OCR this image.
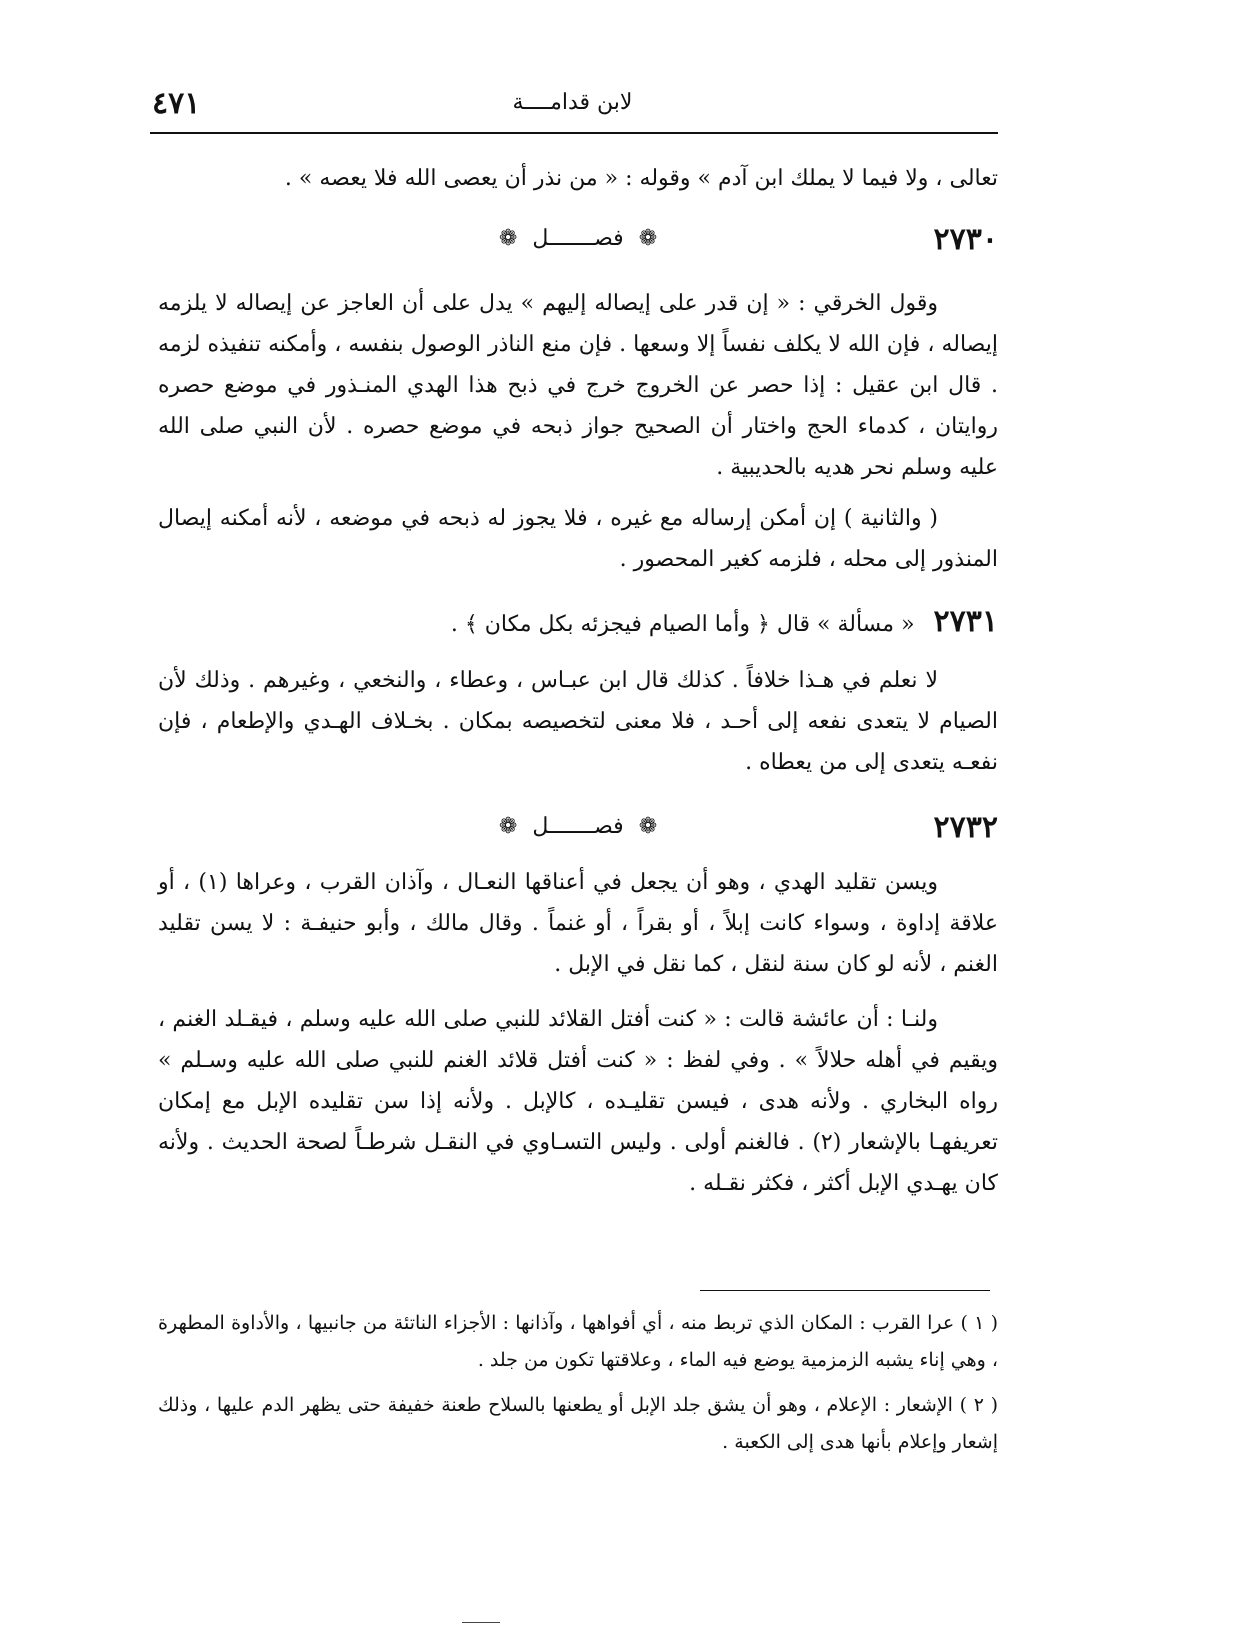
لابن قدامــــة
٤٧١

تعالى ، ولا فيما لا يملك ابن آدم » وقوله : « من نذر أن يعصى الله فلا يعصه » .

٢٧٣٠
❁ فصـــــــل ❁

وقول الخرقي : « إن قدر على إيصاله إليهم » يدل على أن العاجز عن إيصاله لا يلزمه إيصاله ، فإن الله لا يكلف نفساً إلا وسعها . فإن منع الناذر الوصول بنفسه ، وأمكنه تنفيذه لزمه . قال ابن عقيل : إذا حصر عن الخروج خرج في ذبح هذا الهدي المنـذور في موضع حصره روايتان ، كدماء الحج واختار أن الصحيح جواز ذبحه في موضع حصره . لأن النبي صلى الله عليه وسلم نحر هديه بالحديبية .

( والثانية ) إن أمكن إرساله مع غيره ، فلا يجوز له ذبحه في موضعه ، لأنه أمكنه إيصال المنذور إلى محله ، فلزمه كغير المحصور .

٢٧٣١ « مسألة » قال ﴿ وأما الصيام فيجزئه بكل مكان ﴾ .

لا نعلم في هـذا خلافاً . كذلك قال ابن عبـاس ، وعطاء ، والنخعي ، وغيرهم . وذلك لأن الصيام لا يتعدى نفعه إلى أحـد ، فلا معنى لتخصيصه بمكان . بخـلاف الهـدي والإطعام ، فإن نفعـه يتعدى إلى من يعطاه .

٢٧٣٢
❁ فصـــــــل ❁

ويسن تقليد الهدي ، وهو أن يجعل في أعناقها النعـال ، وآذان القرب ، وعراها (١) ، أو علاقة إداوة ، وسواء كانت إبلاً ، أو بقراً ، أو غنماً . وقال مالك ، وأبو حنيفـة : لا يسن تقليد الغنم ، لأنه لو كان سنة لنقل ، كما نقل في الإبل .

ولنـا : أن عائشة قالت : « كنت أفتل القلائد للنبي صلى الله عليه وسلم ، فيقـلد الغنم ، ويقيم في أهله حلالاً » . وفي لفظ : « كنت أفتل قلائد الغنم للنبي صلى الله عليه وسـلم » رواه البخاري . ولأنه هدى ، فيسن تقليـده ، كالإبل . ولأنه إذا سن تقليده الإبل مع إمكان تعريفهـا بالإشعار (٢) . فالغنم أولى . وليس التسـاوي في النقـل شرطـاً لصحة الحديث . ولأنه كان يهـدي الإبل أكثر ، فكثر نقـله .

( ١ ) عرا القرب : المكان الذي تربط منه ، أي أفواهها ، وآذانها : الأجزاء الناتئة من جانبيها ، والأداوة المطهرة ، وهي إناء يشبه الزمزمية يوضع فيه الماء ، وعلاقتها تكون من جلد .

( ٢ ) الإشعار : الإعلام ، وهو أن يشق جلد الإبل أو يطعنها بالسلاح طعنة خفيفة حتى يظهر الدم عليها ، وذلك إشعار وإعلام بأنها هدى إلى الكعبة .
